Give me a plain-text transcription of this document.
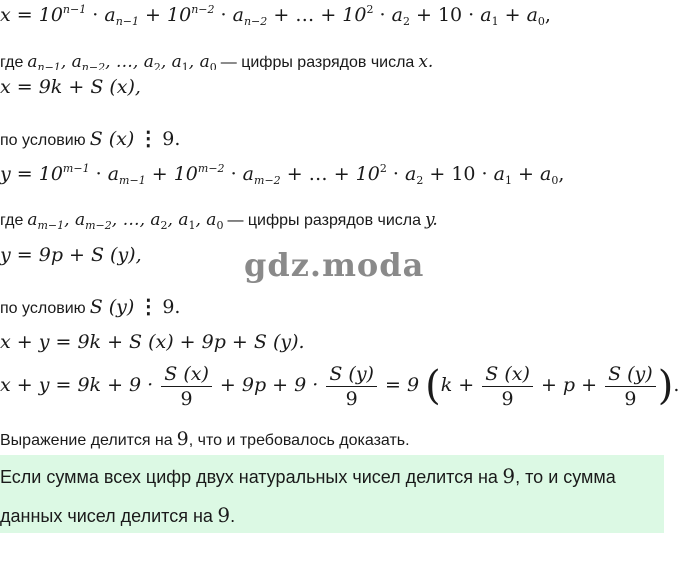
$x = 10^{n-1} \cdot a_{n-1} + 10^{n-2} \cdot a_{n-2}$ + … + $10^2 \cdot a_2 + 10 \cdot a_1 + a_0$,
где $a_{n-1}$, $a_{n-2}$, …, $a_2$, $a_1$, $a_0$ — цифры разрядов числа x.
x = 9k + S (x),
по условию S (x) ⋮ 9.
$y = 10^{m-1} \cdot a_{m-1} + 10^{m-2} \cdot a_{m-2}$ + … + $10^2 \cdot a_2 + 10 \cdot a_1 + a_0$,
где $a_{m-1}$, $a_{m-2}$, …, $a_2$, $a_1$, $a_0$ — цифры разрядов числа y.
y = 9p + S (y),	gdz.moda
по условию S (y) ⋮ 9.
x + y = 9k + S (x) + 9p + S (y).
$x + y = 9k + 9 \cdot \frac{S (x)}{9} + 9p + 9 \cdot \frac{S (y)}{9} = 9$ ($k + \frac{S (x)}{9} + p + \frac{S (y)}{9}$ ).
Выражение делится на 9, что и требовалось доказать.
Если сумма всех цифр двух натуральных чисел делится на 9, то и сумма
данных чисел делится на 9.
